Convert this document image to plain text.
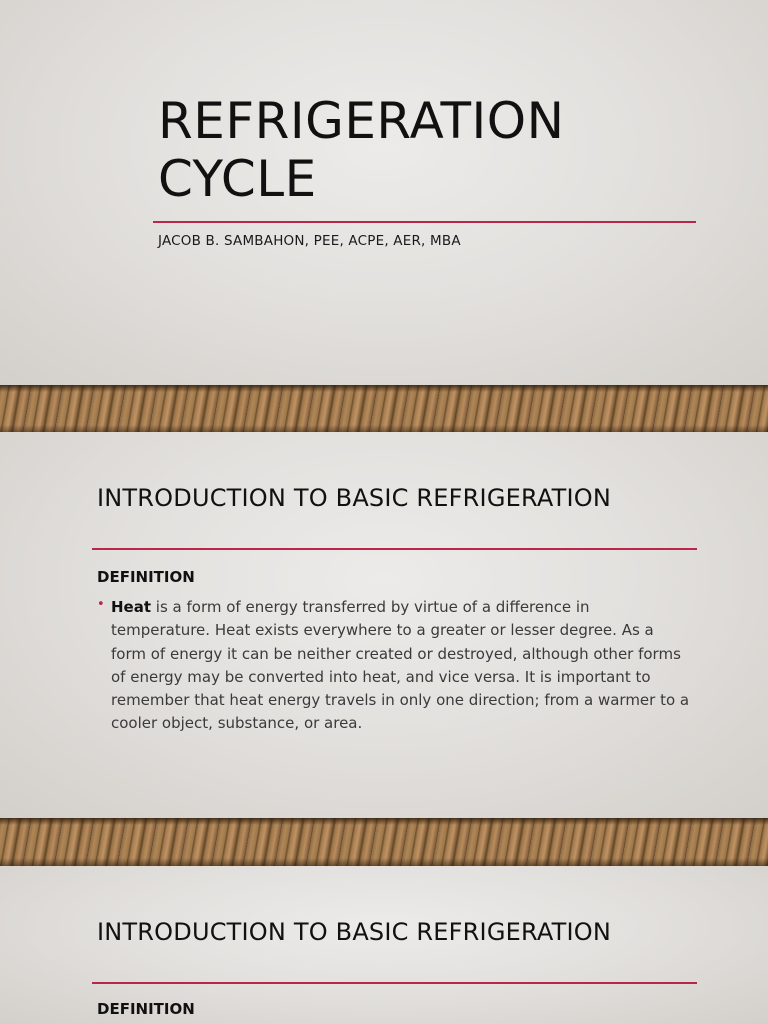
REFRIGERATION
CYCLE
JACOB B. SAMBAHON, PEE, ACPE, AER, MBA
INTRODUCTION TO BASIC REFRIGERATION
DEFINITION
• Heat is a form of energy transferred by virtue of a difference in temperature. Heat exists everywhere to a greater or lesser degree. As a form of energy it can be neither created or destroyed, although other forms of energy may be converted into heat, and vice versa. It is important to remember that heat energy travels in only one direction; from a warmer to a cooler object, substance, or area.

INTRODUCTION TO BASIC REFRIGERATION
DEFINITION
